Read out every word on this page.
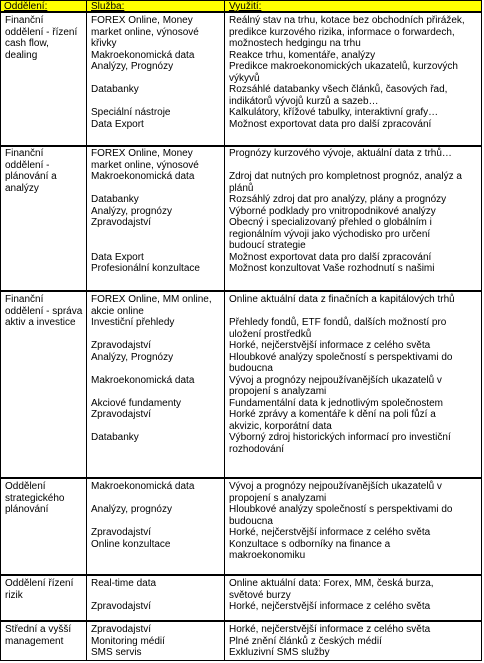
Oddělení:	Služba:	Využití:
Finanční
oddělení - řízení
cash flow,
dealing
FOREX Online, Money
market online, výnosové
křivky
Makroekonomická data
Analýzy, Prognózy
Databanky
Speciální nástroje
Data Export
Reálný stav na trhu, kotace bez obchodních přirážek,
predikce kurzového rizika, informace o forwardech,
možnostech hedgingu na trhu
Reakce trhu, komentáře, analýzy
Predikce makroekonomických ukazatelů, kurzových
výkyvů
Rozsáhlé databanky všech článků, časových řad,
indikátorů vývojů kurzů a sazeb…
Kalkulátory, křížové tabulky, interaktivní grafy…
Možnost exportovat data pro další zpracování
Finanční
oddělení -
plánování a
analýzy
FOREX Online, Money
market online, výnosové
Makroekonomická data
Databanky
Analýzy, prognózy
Zpravodajství
Data Export
Profesionální konzultace
Prognózy kurzového vývoje, aktuální data z trhů…
Zdroj dat nutných pro kompletnost prognóz, analýz a
plánů
Rozsáhlý zdroj dat pro analýzy, plány a prognózy
Výborné podklady pro vnitropodnikové analýzy
Obecný i specializovaný přehled o globálním i
regionálním vývoji jako východisko pro určení
budoucí strategie
Možnost exportovat data pro další zpracování
Možnost konzultovat Vaše rozhodnutí s našimi
Finanční
oddělení - správa
aktiv a investice
FOREX Online, MM online,
akcie online
Investiční přehledy
Zpravodajství
Analýzy, Prognózy
Makroekonomická data
Akciové fundamenty
Zpravodajství
Databanky
Online aktuální data z finačních a kapitálových trhů
Přehledy fondů, ETF fondů, dalších možností pro
uložení prostředků
Horké, nejčerstvější informace z celého světa
Hloubkové analýzy společností s perspektivami do
budoucna
Vývoj a prognózy nejpoužívanějších ukazatelů v
propojení s analyzami
Fundamentální data k jednotlivým společnostem
Horké zprávy a komentáře k dění na poli fůzí a
akvizic, korporátní data
Výborný zdroj historických informací pro investiční
rozhodování
Oddělení
strategického
plánování
Makroekonomická data
Analýzy, prognózy
Zpravodajství
Online konzultace
Vývoj a prognózy nejpoužívanějších ukazatelů v
propojení s analyzami
Hloubkové analýzy společností s perspektivami do
budoucna
Horké, nejčerstvější informace z celého světa
Konzultace s odborníky na finance a
makroekonomiku
Oddělení řízení
rizik
Real-time data
Zpravodajství
Online aktuální data: Forex, MM, česká burza,
světové burzy
Horké, nejčerstvější informace z celého světa
Střední a vyšší
management
Zpravodajství
Monitoring médií
SMS servis
Horké, nejčerstvější informace z celého světa
Plné znění článků z českých médií
Exkluzivní SMS služby
